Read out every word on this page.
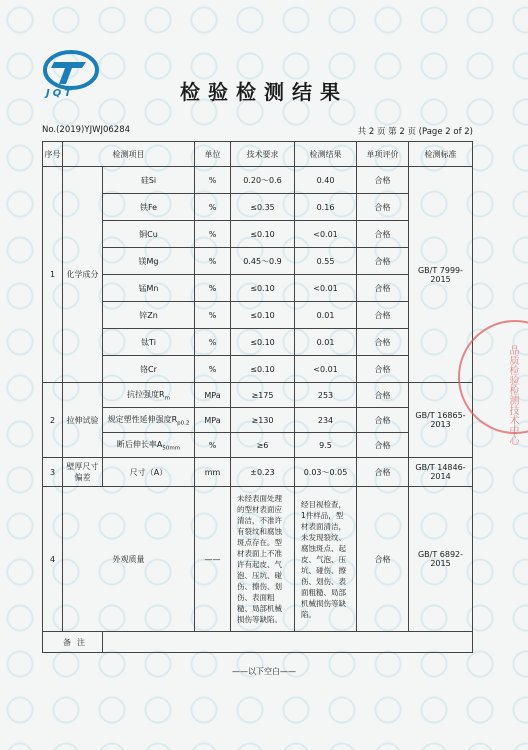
JQT	检验检测结果
No.(2019)YJWJ06284	共 2 页 第 2 页 (Page 2 of 2)
序号	检测项目		单位	技术要求	检测结果	单项评价	检测标准
1	化学成分	硅Si	%	0.20～0.6	0.40	合格	GB/T 7999-2015
		铁Fe	%	≤0.35	0.16	合格	
		铜Cu	%	≤0.10	<0.01	合格	
		镁Mg	%	0.45～0.9	0.55	合格	
		锰Mn	%	≤0.10	<0.01	合格	
		锌Zn	%	≤0.10	0.01	合格	
		钛Ti	%	≤0.10	0.01	合格	
		铬Cr	%	≤0.10	<0.01	合格	
2	拉伸试验	抗拉强度$R_m$	MPa	≥175	253	合格	GB/T 16865-2013
		规定塑性延伸强度$R_{p0.2}$	MPa	≥130	234	合格	
		断后伸长率$A_{50mm}$	%	≥6	9.5	合格	
3	壁厚尺寸偏差	尺寸（A）	mm	±0.23	0.03～0.05	合格	GB/T 14846-2014
4	外观质量		——	未经表面处理的型材表面应清洁，不准许有裂纹和腐蚀斑点存在。型材表面上不准许有起皮、气泡、压坑、碰伤、擦伤、划伤、表面粗糙、局部机械损伤等缺陷。	经目视检查，1件样品，型材表面清洁，未发现裂纹、腐蚀斑点、起皮、气泡、压坑、碰伤、擦伤、划伤、表面粗糙、局部机械损伤等缺陷。	合格	GB/T 6892-2015
备注							
——以下空白——
品质检验检测技术中心
